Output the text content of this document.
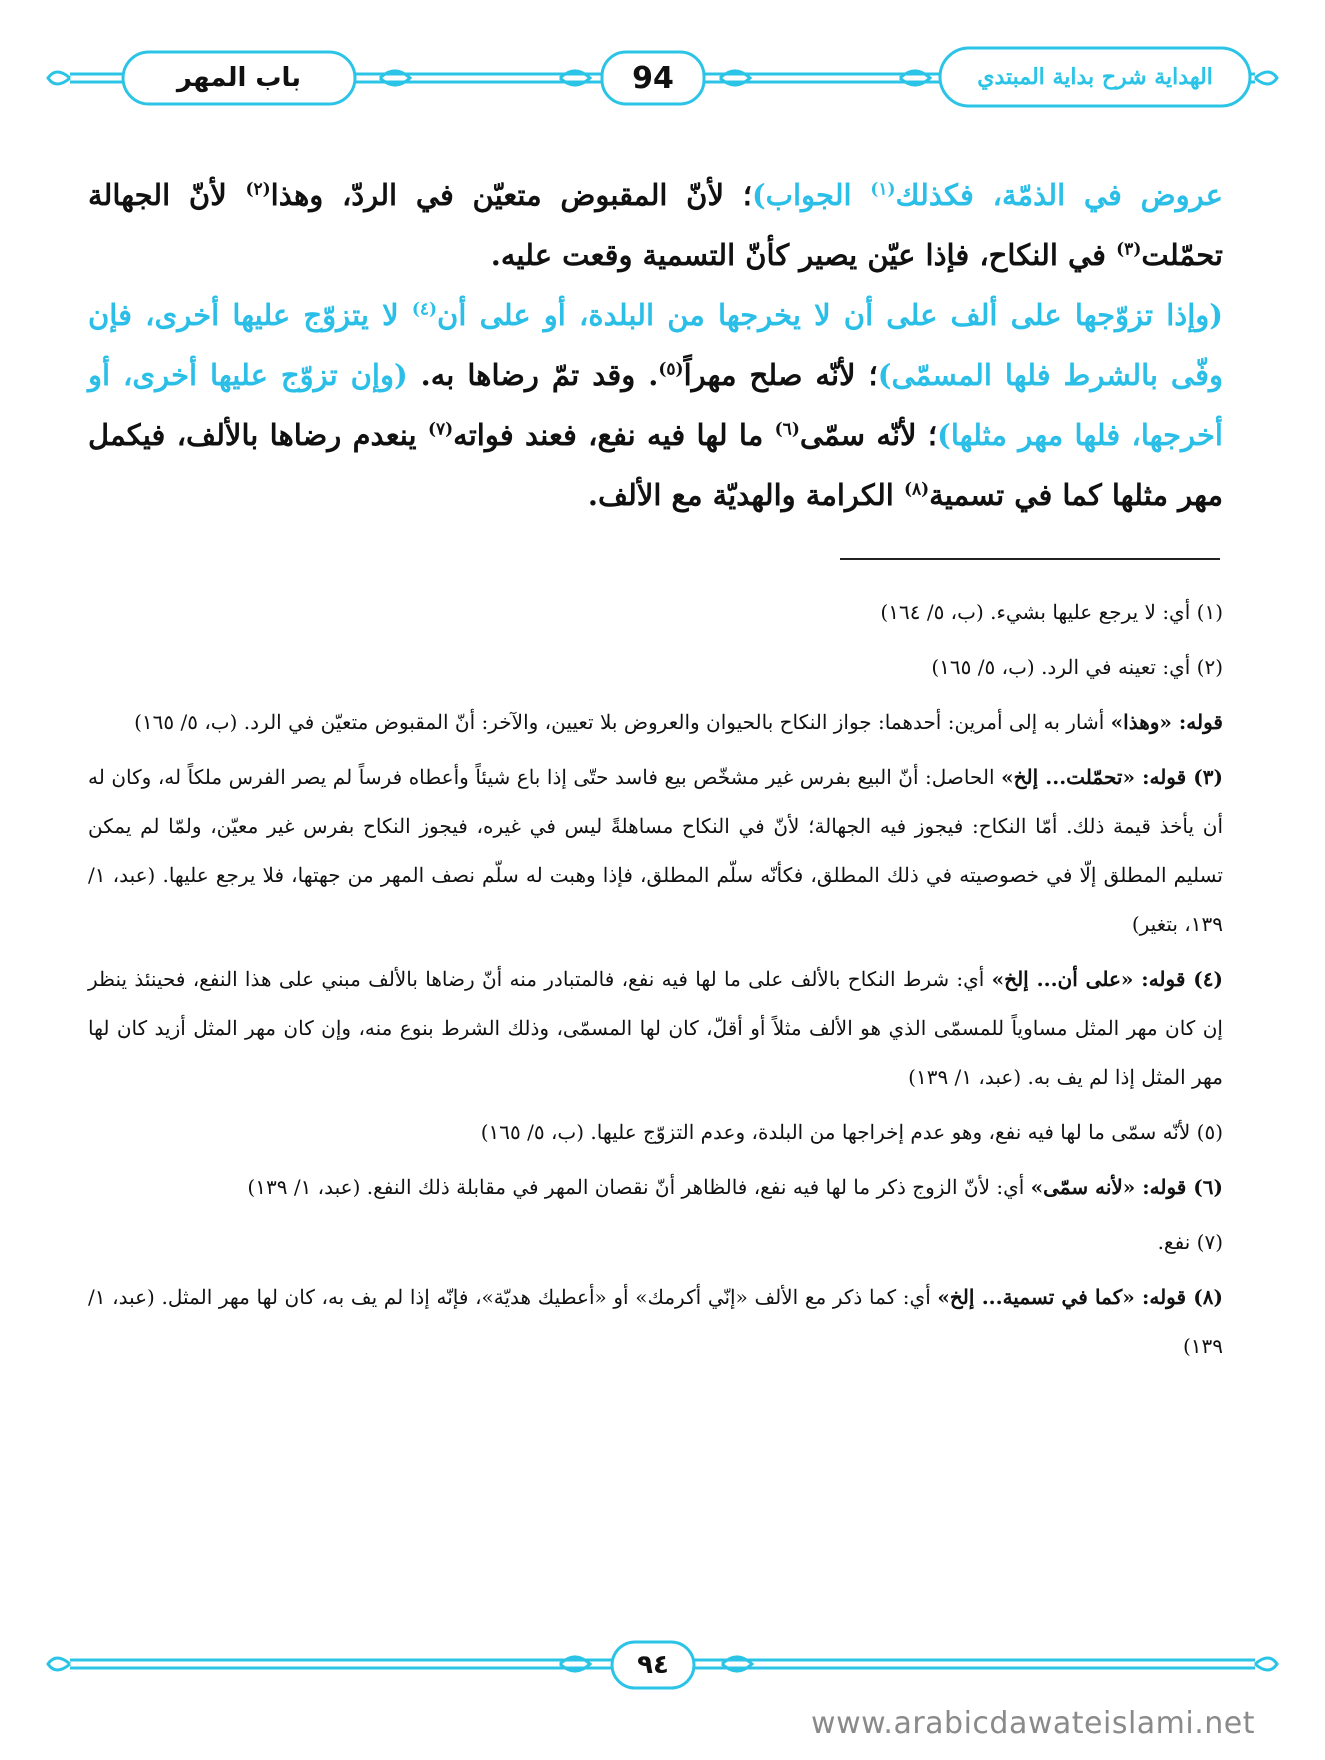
باب المهر	94	الهداية شرح بداية المبتدي

عروض في الذمّة، فكذلك$^{(١)}$ الجواب)؛ لأنّ المقبوض متعيّن في الردّ، وهذا$^{(٢)}$ لأنّ الجهالة تحمّلت$^{(٣)}$ في النكاح، فإذا عيّن يصير كأنّ التسمية وقعت عليه.

(وإذا تزوّجها على ألف على أن لا يخرجها من البلدة، أو على أن$^{(٤)}$ لا يتزوّج عليها أخرى، فإن وفّى بالشرط فلها المسمّى)؛ لأنّه صلح مهراً$^{(٥)}$. وقد تمّ رضاها به. (وإن تزوّج عليها أخرى، أو أخرجها، فلها مهر مثلها)؛ لأنّه سمّى$^{(٦)}$ ما لها فيه نفع، فعند فواته$^{(٧)}$ ينعدم رضاها بالألف، فيكمل مهر مثلها كما في تسمية$^{(٨)}$ الكرامة والهديّة مع الألف.

(١) أي: لا يرجع عليها بشيء. (ب، ٥/ ١٦٤)

(٢) أي: تعينه في الرد. (ب، ٥/ ١٦٥)

قوله: «وهذا» أشار به إلى أمرين: أحدهما: جواز النكاح بالحيوان والعروض بلا تعيين، والآخر: أنّ المقبوض متعيّن في الرد. (ب، ٥/ ١٦٥)

(٣) قوله: «تحمّلت... إلخ» الحاصل: أنّ البيع بفرس غير مشخّص بيع فاسد حتّى إذا باع شيئاً وأعطاه فرساً لم يصر الفرس ملكاً له، وكان له أن يأخذ قيمة ذلك. أمّا النكاح: فيجوز فيه الجهالة؛ لأنّ في النكاح مساهلةً ليس في غيره، فيجوز النكاح بفرس غير معيّن، ولمّا لم يمكن تسليم المطلق إلّا في خصوصيته في ذلك المطلق، فكأنّه سلّم المطلق، فإذا وهبت له سلّم نصف المهر من جهتها، فلا يرجع عليها. (عبد، ١/ ١٣٩، بتغير)

(٤) قوله: «على أن... إلخ» أي: شرط النكاح بالألف على ما لها فيه نفع، فالمتبادر منه أنّ رضاها بالألف مبني على هذا النفع، فحينئذ ينظر إن كان مهر المثل مساوياً للمسمّى الذي هو الألف مثلاً أو أقلّ، كان لها المسمّى، وذلك الشرط بنوع منه، وإن كان مهر المثل أزيد كان لها مهر المثل إذا لم يف به. (عبد، ١/ ١٣٩)

(٥) لأنّه سمّى ما لها فيه نفع، وهو عدم إخراجها من البلدة، وعدم التزوّج عليها. (ب، ٥/ ١٦٥)

(٦) قوله: «لأنه سمّى» أي: لأنّ الزوج ذكر ما لها فيه نفع، فالظاهر أنّ نقصان المهر في مقابلة ذلك النفع. (عبد، ١/ ١٣٩)

(٧) نفع.

(٨) قوله: «كما في تسمية... إلخ» أي: كما ذكر مع الألف «إنّي أكرمك» أو «أعطيك هديّة»، فإنّه إذا لم يف به، كان لها مهر المثل. (عبد، ١/ ١٣٩)

٩٤
www.arabicdawateislami.net
